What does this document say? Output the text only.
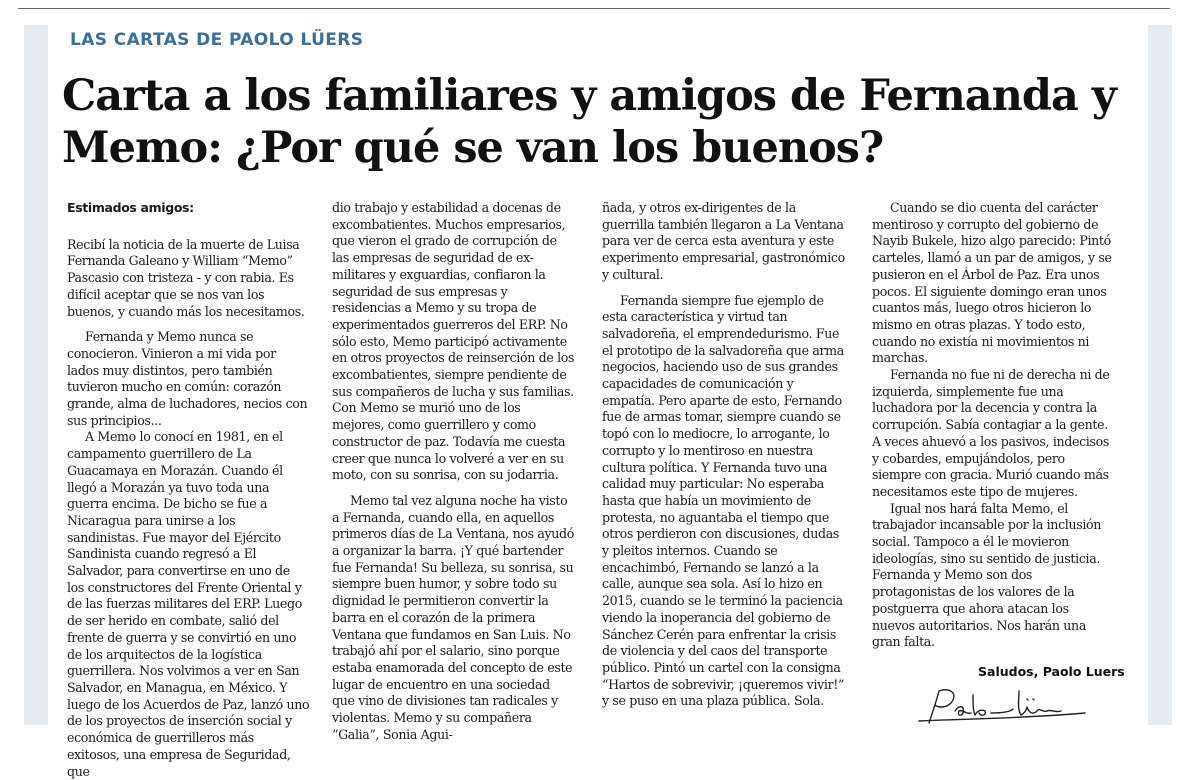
LAS CARTAS DE PAOLO LÜERS
Carta a los familiares y amigos de Fernanda y Memo: ¿Por qué se van los buenos?

Estimados amigos:

Recibí la noticia de la muerte de Luisa Fernanda Galeano y William “Memo” Pascasio con tristeza - y con rabia. Es difícil aceptar que se nos van los buenos, y cuando más los necesitamos.

Fernanda y Memo nunca se conocieron. Vinieron a mi vida por lados muy distintos, pero también tuvieron mucho en común: corazón grande, alma de luchadores, necios con sus principios...

A Memo lo conocí en 1981, en el campamento guerrillero de La Guacamaya en Morazán. Cuando él llegó a Morazán ya tuvo toda una guerra encima. De bicho se fue a Nicaragua para unirse a los sandinistas. Fue mayor del Ejército Sandinista cuando regresó a El Salvador, para convertirse en uno de los constructores del Frente Oriental y de las fuerzas militares del ERP. Luego de ser herido en combate, salió del frente de guerra y se convirtió en uno de los arquitectos de la logística guerrillera. Nos volvimos a ver en San Salvador, en Managua, en México. Y luego de los Acuerdos de Paz, lanzó uno de los proyectos de inserción social y económica de guerrilleros más exitosos, una empresa de Seguridad, que

dio trabajo y estabilidad a docenas de excombatientes. Muchos empresarios, que vieron el grado de corrupción de las empresas de seguridad de ex-militares y exguardias, confiaron la seguridad de sus empresas y residencias a Memo y su tropa de experimentados guerreros del ERP. No sólo esto, Memo participó activamente en otros proyectos de reinserción de los excombatientes, siempre pendiente de sus compañeros de lucha y sus familias. Con Memo se murió uno de los mejores, como guerrillero y como constructor de paz. Todavía me cuesta creer que nunca lo volveré a ver en su moto, con su sonrisa, con su jodarria.

Memo tal vez alguna noche ha visto a Fernanda, cuando ella, en aquellos primeros días de La Ventana, nos ayudó a organizar la barra. ¡Y qué bartender fue Fernanda! Su belleza, su sonrisa, su siempre buen humor, y sobre todo su dignidad le permitieron convertir la barra en el corazón de la primera Ventana que fundamos en San Luis. No trabajó ahí por el salario, sino porque estaba enamorada del concepto de este lugar de encuentro en una sociedad que vino de divisiones tan radicales y violentas. Memo y su compañera “Galia”, Sonia Agui-

ñada, y otros ex-dirigentes de la guerrilla también llegaron a La Ventana para ver de cerca esta aventura y este experimento empresarial, gastronómico y cultural.

Fernanda siempre fue ejemplo de esta característica y virtud tan salvadoreña, el emprendedurismo. Fue el prototipo de la salvadoreña que arma negocios, haciendo uso de sus grandes capacidades de comunicación y empatía. Pero aparte de esto, Fernando fue de armas tomar, siempre cuando se topó con lo mediocre, lo arrogante, lo corrupto y lo mentiroso en nuestra cultura política. Y Fernanda tuvo una calidad muy particular: No esperaba hasta que había un movimiento de protesta, no aguantaba el tiempo que otros perdieron con discusiones, dudas y pleitos internos. Cuando se encachimbó, Fernando se lanzó a la calle, aunque sea sola. Así lo hizo en 2015, cuando se le terminó la paciencia viendo la inoperancia del gobierno de Sánchez Cerén para enfrentar la crisis de violencia y del caos del transporte público. Pintó un cartel con la consigna “Hartos de sobrevivir, ¡queremos vivir!” y se puso en una plaza pública. Sola.

Cuando se dio cuenta del carácter mentiroso y corrupto del gobierno de Nayib Bukele, hizo algo parecido: Pintó carteles, llamó a un par de amigos, y se pusieron en el Árbol de Paz. Era unos pocos. El siguiente domingo eran unos cuantos más, luego otros hicieron lo mismo en otras plazas. Y todo esto, cuando no existía ni movimientos ni marchas.

Fernanda no fue ni de derecha ni de izquierda, simplemente fue una luchadora por la decencia y contra la corrupción. Sabía contagiar a la gente. A veces ahuevó a los pasivos, indecisos y cobardes, empujándolos, pero siempre con gracia. Murió cuando más necesitamos este tipo de mujeres.

Igual nos hará falta Memo, el trabajador incansable por la inclusión social. Tampoco a él le movieron ideologías, sino su sentido de justicia. Fernanda y Memo son dos protagonistas de los valores de la postguerra que ahora atacan los nuevos autoritarios. Nos harán una gran falta.

Saludos, Paolo Luers
